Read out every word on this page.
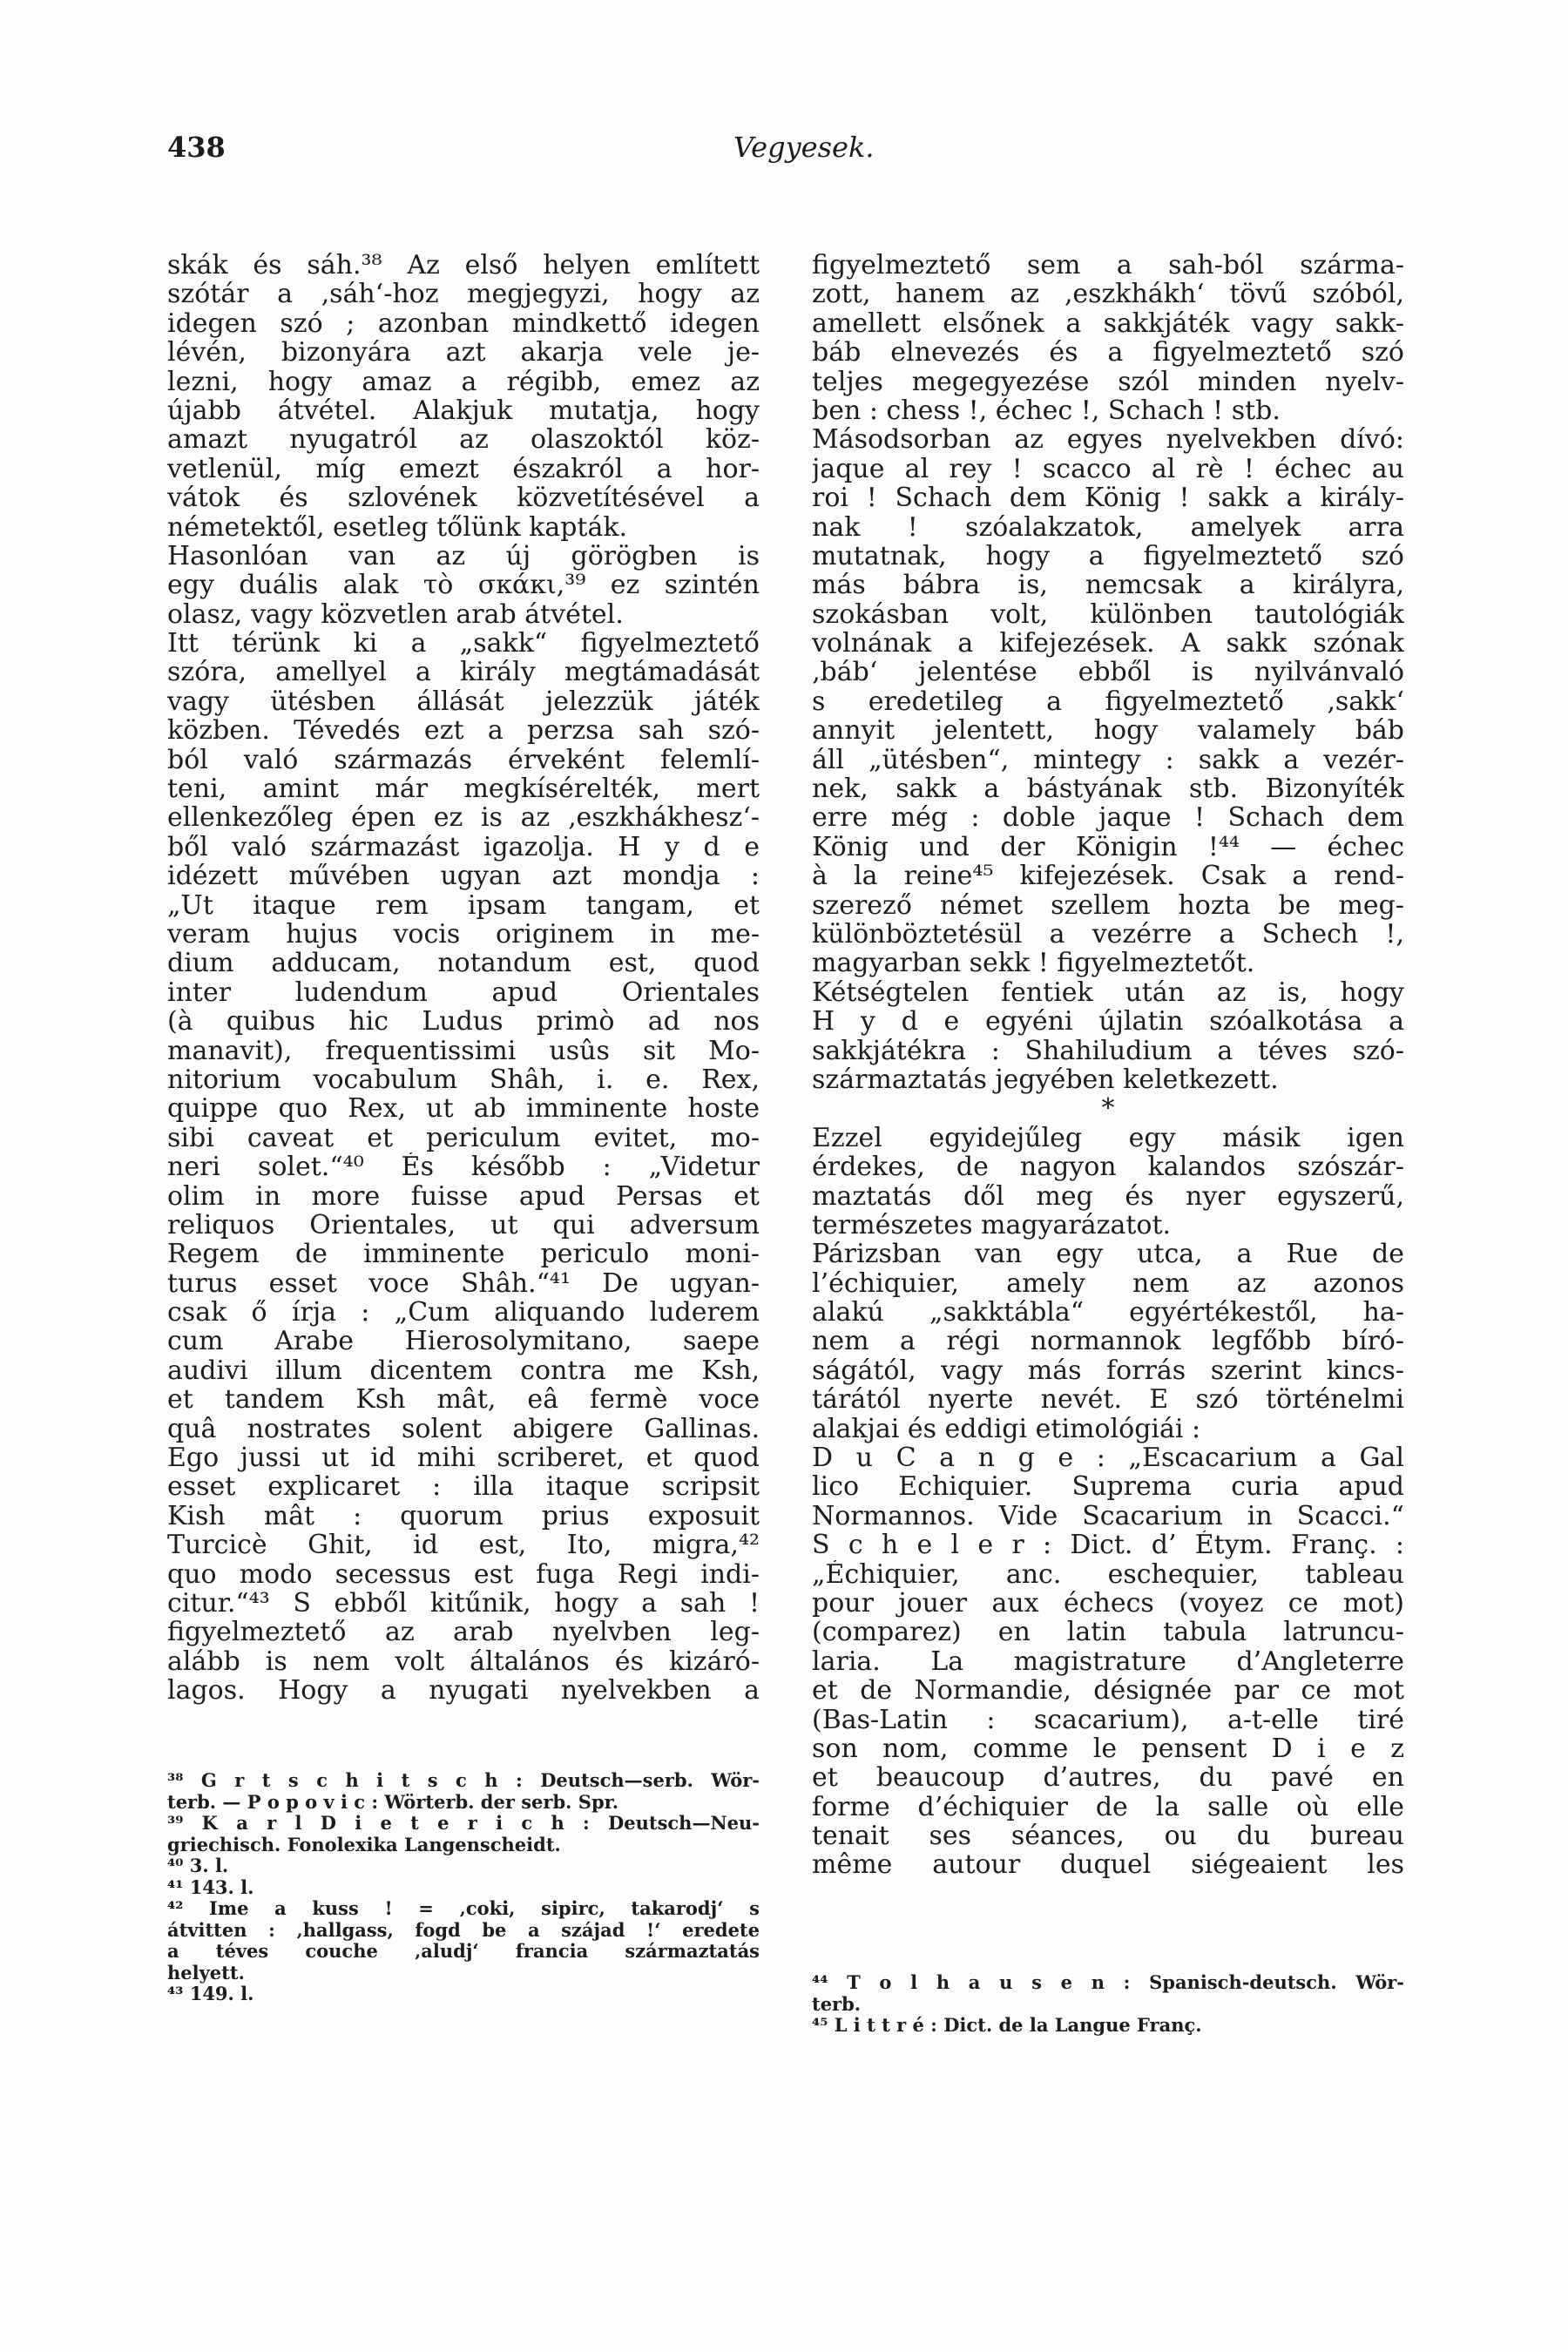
438	Vegyesek.
skák és sáh.³⁸ Az első helyen említett
szótár a ‚sáh‘-hoz megjegyzi, hogy az
idegen szó ; azonban mindkettő idegen
lévén, bizonyára azt akarja vele je-
lezni, hogy amaz a régibb, emez az
újabb átvétel. Alakjuk mutatja, hogy
amazt nyugatról az olaszoktól köz-
vetlenül, míg emezt északról a hor-
vátok és szlovének közvetítésével a
németektől, esetleg tőlünk kapták.
Hasonlóan van az új görögben is
egy duális alak τὸ σκάκι,³⁹ ez szintén
olasz, vagy közvetlen arab átvétel.
Itt térünk ki a „sakk“ figyelmeztető
szóra, amellyel a király megtámadását
vagy ütésben állását jelezzük játék
közben. Tévedés ezt a perzsa sah szó-
ból való származás érveként felemlí-
teni, amint már megkísérelték, mert
ellenkezőleg épen ez is az ‚eszkhákhesz‘-
ből való származást igazolja. H y d e
idézett művében ugyan azt mondja :
„Ut itaque rem ipsam tangam, et
veram hujus vocis originem in me-
dium adducam, notandum est, quod
inter ludendum apud Orientales
(à quibus hic Ludus primò ad nos
manavit), frequentissimi usûs sit Mo-
nitorium vocabulum Shâh, i. e. Rex,
quippe quo Rex, ut ab imminente hoste
sibi caveat et periculum evitet, mo-
neri solet.“⁴⁰ És később : „Videtur
olim in more fuisse apud Persas et
reliquos Orientales, ut qui adversum
Regem de imminente periculo moni-
turus esset voce Shâh.“⁴¹ De ugyan-
csak ő írja : „Cum aliquando luderem
cum Arabe Hierosolymitano, saepe
audivi illum dicentem contra me Ksh,
et tandem Ksh mât, eâ fermè voce
quâ nostrates solent abigere Gallinas.
Ego jussi ut id mihi scriberet, et quod
esset explicaret : illa itaque scripsit
Kish mât : quorum prius exposuit
Turcicè Ghit, id est, Ito, migra,⁴²
quo modo secessus est fuga Regi indi-
citur.“⁴³ S ebből kitűnik, hogy a sah !
figyelmeztető az arab nyelvben leg-
alább is nem volt általános és kizáró-
lagos. Hogy a nyugati nyelvekben a
figyelmeztető sem a sah-ból szárma-
zott, hanem az ‚eszkhákh‘ tövű szóból,
amellett elsőnek a sakkjáték vagy sakk-
báb elnevezés és a figyelmeztető szó
teljes megegyezése szól minden nyelv-
ben : chess !, échec !, Schach ! stb.
Másodsorban az egyes nyelvekben dívó:
jaque al rey ! scacco al rè ! échec au
roi ! Schach dem König ! sakk a király-
nak ! szóalakzatok, amelyek arra
mutatnak, hogy a figyelmeztető szó
más bábra is, nemcsak a királyra,
szokásban volt, különben tautológiák
volnának a kifejezések. A sakk szónak
‚báb‘ jelentése ebből is nyilvánvaló
s eredetileg a figyelmeztető ‚sakk‘
annyit jelentett, hogy valamely báb
áll „ütésben“, mintegy : sakk a vezér-
nek, sakk a bástyának stb. Bizonyíték
erre még : doble jaque ! Schach dem
König und der Königin !⁴⁴ — échec
à la reine⁴⁵ kifejezések. Csak a rend-
szerező német szellem hozta be meg-
különböztetésül a vezérre a Schech !,
magyarban sekk ! figyelmeztetőt.
Kétségtelen fentiek után az is, hogy
H y d e egyéni újlatin szóalkotása a
sakkjátékra : Shahiludium a téves szó-
származtatás jegyében keletkezett.
*
Ezzel egyidejűleg egy másik igen
érdekes, de nagyon kalandos szószár-
maztatás dől meg és nyer egyszerű,
természetes magyarázatot.
Párizsban van egy utca, a Rue de
l’échiquier, amely nem az azonos
alakú „sakktábla“ egyértékestől, ha-
nem a régi normannok legfőbb bíró-
ságától, vagy más forrás szerint kincs-
tárától nyerte nevét. E szó történelmi
alakjai és eddigi etimológiái :
D u C a n g e : „Escacarium a Gal
lico Echiquier. Suprema curia apud
Normannos. Vide Scacarium in Scacci.“
S c h e l e r : Dict. d’ Étym. Franç. :
„Échiquier, anc. eschequier, tableau
pour jouer aux échecs (voyez ce mot)
(comparez) en latin tabula latruncu-
laria. La magistrature d’Angleterre
et de Normandie, désignée par ce mot
(Bas-Latin : scacarium), a-t-elle tiré
son nom, comme le pensent D i e z
et beaucoup d’autres, du pavé en
forme d’échiquier de la salle où elle
tenait ses séances, ou du bureau
même autour duquel siégeaient les
³⁸ G r t s c h i t s c h : Deutsch—serb. Wör-
terb. — P o p o v i c : Wörterb. der serb. Spr.
³⁹ K a r l D i e t e r i c h : Deutsch—Neu-
griechisch. Fonolexika Langenscheidt.
⁴⁰ 3. l.
⁴¹ 143. l.
⁴² Ime a kuss ! = ‚coki, sipirc, takarodj‘ s
átvitten : ‚hallgass, fogd be a szájad !‘ eredete
a téves couche ‚aludj‘ francia származtatás
helyett.
⁴³ 149. l.
⁴⁴ T o l h a u s e n : Spanisch-deutsch. Wör-
terb.
⁴⁵ L i t t r é : Dict. de la Langue Franç.
